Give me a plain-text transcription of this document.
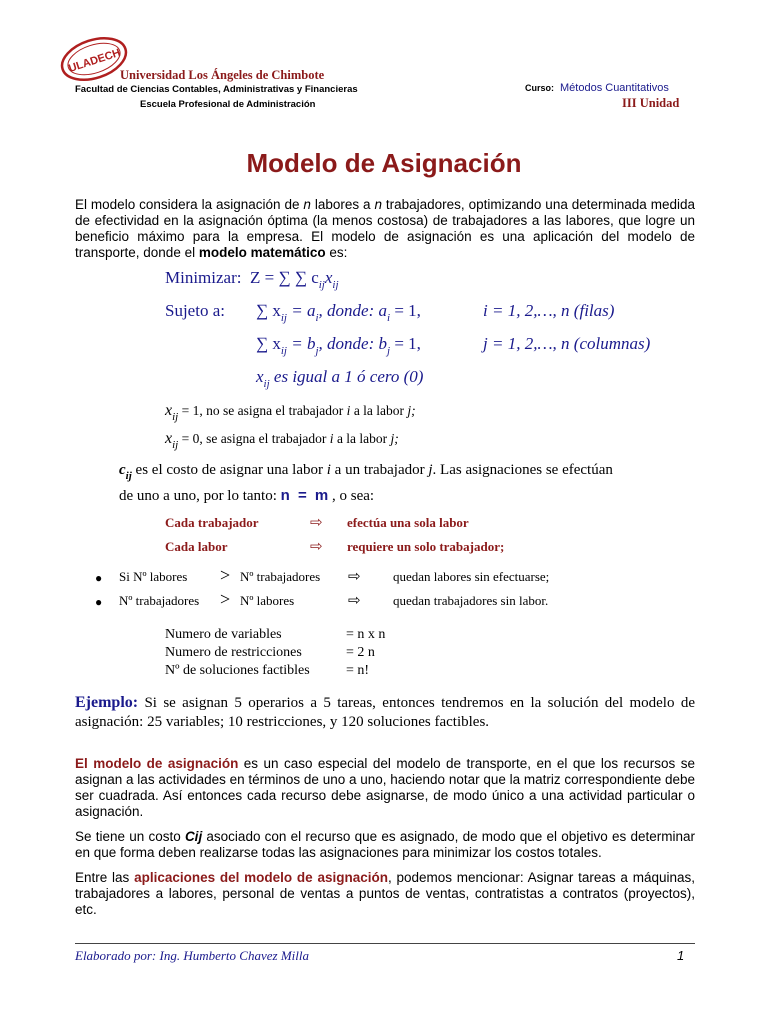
ULADECH
Universidad Los Ángeles de Chimbote
Facultad de Ciencias Contables, Administrativas y Financieras
Escuela Profesional de Administración
Curso: Métodos Cuantitativos
III Unidad
Modelo de Asignación
El modelo considera la asignación de n labores a n trabajadores, optimizando una determinada medida de efectividad en la asignación óptima (la menos costosa) de trabajadores a las labores, que logre un beneficio máximo para la empresa. El modelo de asignación es una aplicación del modelo de transporte, donde el modelo matemático es:
Minimizar: Z = ∑ ∑ $c_{ij}x_{ij}$
Sujeto a: ∑ $x_{ij} = a_i$, donde: $a_i = 1$,	i = 1, 2,…, n (filas)
∑ $x_{ij} = b_j$, donde: $b_j = 1$,	j = 1, 2,…, n (columnas)
$x_{ij}$ es igual a 1 ó cero (0)
$x_{ij} = 1$, no se asigna el trabajador i a la labor j;
$x_{ij} = 0$, se asigna el trabajador i a la labor j;
$c_{ij}$ es el costo de asignar una labor i a un trabajador j. Las asignaciones se efectúan
de uno a uno, por lo tanto: n = m , o sea:
Cada trabajador	⇨ efectúa una sola labor
Cada labor	⇨ requiere un solo trabajador;
● Si Nº labores > Nº trabajadores ⇨ quedan labores sin efectuarse;
● Nº trabajadores > Nº labores	⇨ quedan trabajadores sin labor.
Numero de variables	= n x n
Numero de restricciones	= 2 n
Nº de soluciones factibles	= n!
Ejemplo: Si se asignan 5 operarios a 5 tareas, entonces tendremos en la solución del modelo de asignación: 25 variables; 10 restricciones, y 120 soluciones factibles.

El modelo de asignación es un caso especial del modelo de transporte, en el que los recursos se asignan a las actividades en términos de uno a uno, haciendo notar que la matriz correspondiente debe ser cuadrada. Así entonces cada recurso debe asignarse, de modo único a una actividad particular o asignación.

Se tiene un costo Cij asociado con el recurso que es asignado, de modo que el objetivo es determinar en que forma deben realizarse todas las asignaciones para minimizar los costos totales.

Entre las aplicaciones del modelo de asignación, podemos mencionar: Asignar tareas a máquinas, trabajadores a labores, personal de ventas a puntos de ventas, contratistas a contratos (proyectos), etc.

Elaborado por: Ing. Humberto Chavez Milla	1
